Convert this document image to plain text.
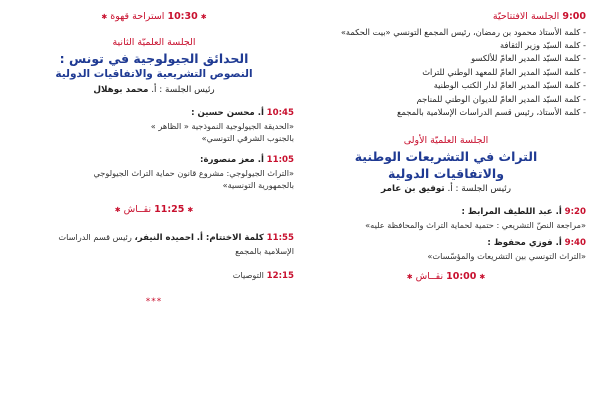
9:00 الجلسة الافتتاحيّة
- كلمة الأستاذ محمود بن رمضان، رئيس المجمع التونسي «بيت الحكمة»
- كلمة السيّد وزير الثقافة
- كلمة السيّد المدير العامّ للألكسو
- كلمة السيّد المدير العامّ للمعهد الوطني للتراث
- كلمة السيّد المدير العامّ لدار الكتب الوطنية
- كلمة السيّد المدير العامّ للديوان الوطني للمناجم
- كلمة الأستاذ، رئيس قسم الدراسات الإسلامية بالمجمع
الجلسة العلميّة الأولى
التراث في التشريعات الوطنية
والاتفاقيات الدولية
رئيس الجلسة : أ. توفيق بن عامر
9:20 أ. عبد اللطيف المرابط :
«مراجعة النصّ التشريعي : حتمية لحماية التراث والمحافظة عليه»
9:40 أ. فوزي محفوظ :
«التراث التونسي بين التشريعات والمؤسّسات»
✱ 10:00 نقــاش ✱
✱ 10:30 استراحة قهوة ✱
الجلسة العلميّة الثانية
الحدائق الجيولوجية في تونس :
النصوص التشريعية والاتفاقيات الدولية
رئيس الجلسة : أ. محمد بوهلال
10:45 أ. محسن حسين :
«الحديقة الجيولوجية النموذجية « الظاهر »
بالجنوب الشرقي التونسي»
11:05 أ. معز منصورة:
«التراث الجيولوجي: مشروع قانون حماية التراث الجيولوجي
بالجمهورية التونسية»
✱ 11:25 نقــاش ✱
11:55 كلمة الاختتام: أ. احميده النيفر، رئيس قسم الدراسات
الإسلامية بالمجمع
12:15 التوصيات
***
